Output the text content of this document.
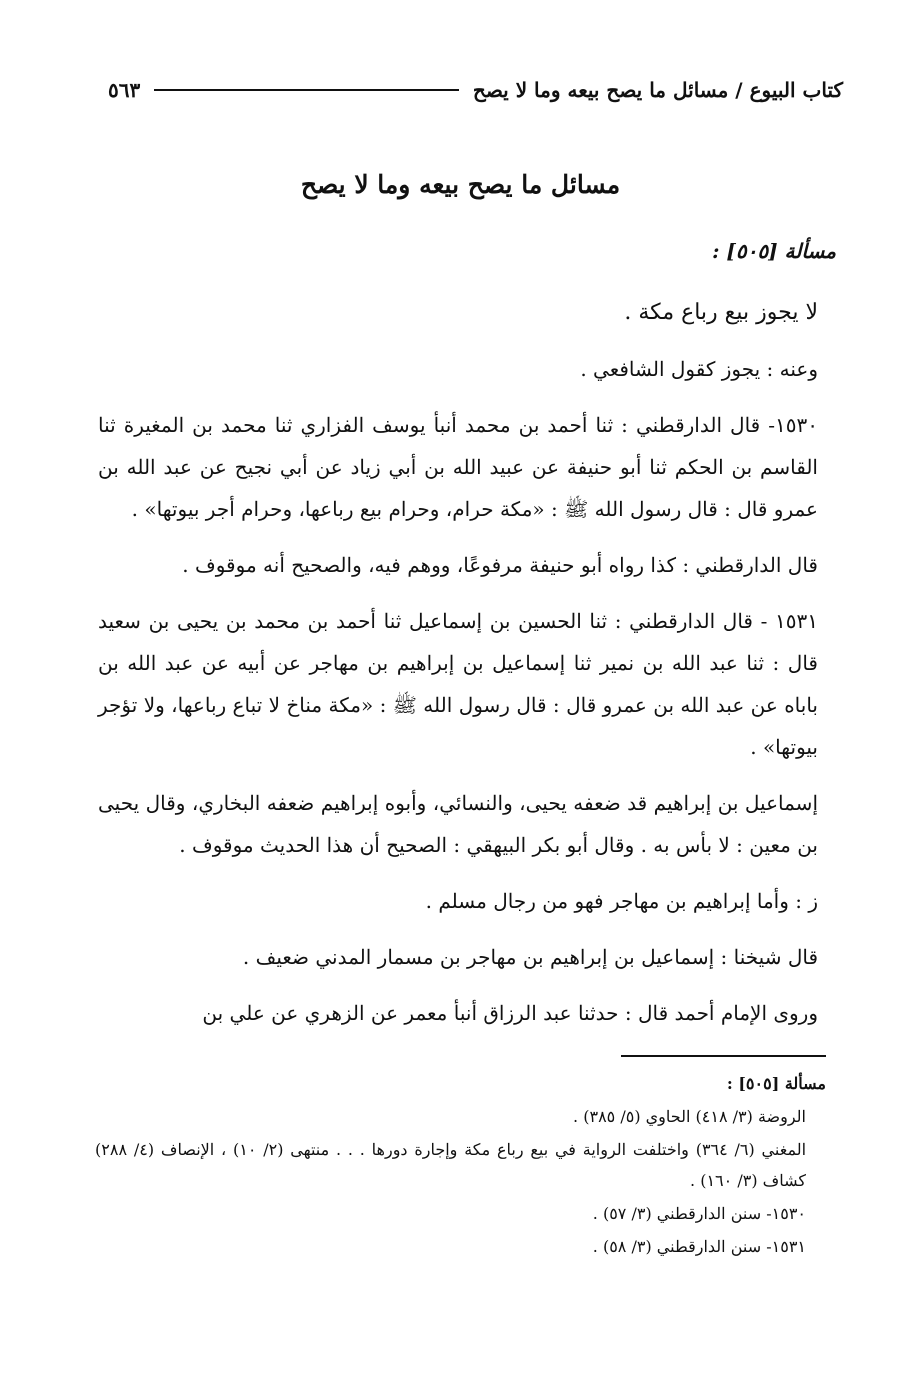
كتاب البيوع / مسائل ما يصح بيعه وما لا يصح
٥٦٣
مسائل ما يصح بيعه وما لا يصح

مسألة [٥٠٥] :

لا يجوز بيع رباع مكة .

وعنه : يجوز كقول الشافعي .

١٥٣٠- قال الدارقطني : ثنا أحمد بن محمد أنبأ يوسف الفزاري ثنا محمد بن المغيرة ثنا القاسم بن الحكم ثنا أبو حنيفة عن عبيد الله بن أبي زياد عن أبي نجيح عن عبد الله بن عمرو قال : قال رسول الله ﷺ : «مكة حرام، وحرام بيع رباعها، وحرام أجر بيوتها» .

قال الدارقطني : كذا رواه أبو حنيفة مرفوعًا، ووهم فيه، والصحيح أنه موقوف .

١٥٣١ - قال الدارقطني : ثنا الحسين بن إسماعيل ثنا أحمد بن محمد بن يحيى بن سعيد قال : ثنا عبد الله بن نمير ثنا إسماعيل بن إبراهيم بن مهاجر عن أبيه عن عبد الله بن باباه عن عبد الله بن عمرو قال : قال رسول الله ﷺ : «مكة مناخ لا تباع رباعها، ولا تؤجر بيوتها» .

إسماعيل بن إبراهيم قد ضعفه يحيى، والنسائي، وأبوه إبراهيم ضعفه البخاري، وقال يحيى بن معين : لا بأس به . وقال أبو بكر البيهقي : الصحيح أن هذا الحديث موقوف .

ز : وأما إبراهيم بن مهاجر فهو من رجال مسلم .

قال شيخنا : إسماعيل بن إبراهيم بن مهاجر بن مسمار المدني ضعيف .

وروى الإمام أحمد قال : حدثنا عبد الرزاق أنبأ معمر عن الزهري عن علي بن

مسألة [٥٠٥] :

الروضة (٣/ ٤١٨) الحاوي (٥/ ٣٨٥) .

المغني (٦/ ٣٦٤) واختلفت الرواية في بيع رباع مكة وإجارة دورها . . . منتهى (٢/ ١٠) ، الإنصاف (٤/ ٢٨٨) كشاف (٣/ ١٦٠) .

١٥٣٠- سنن الدارقطني (٣/ ٥٧) .

١٥٣١- سنن الدارقطني (٣/ ٥٨) .
